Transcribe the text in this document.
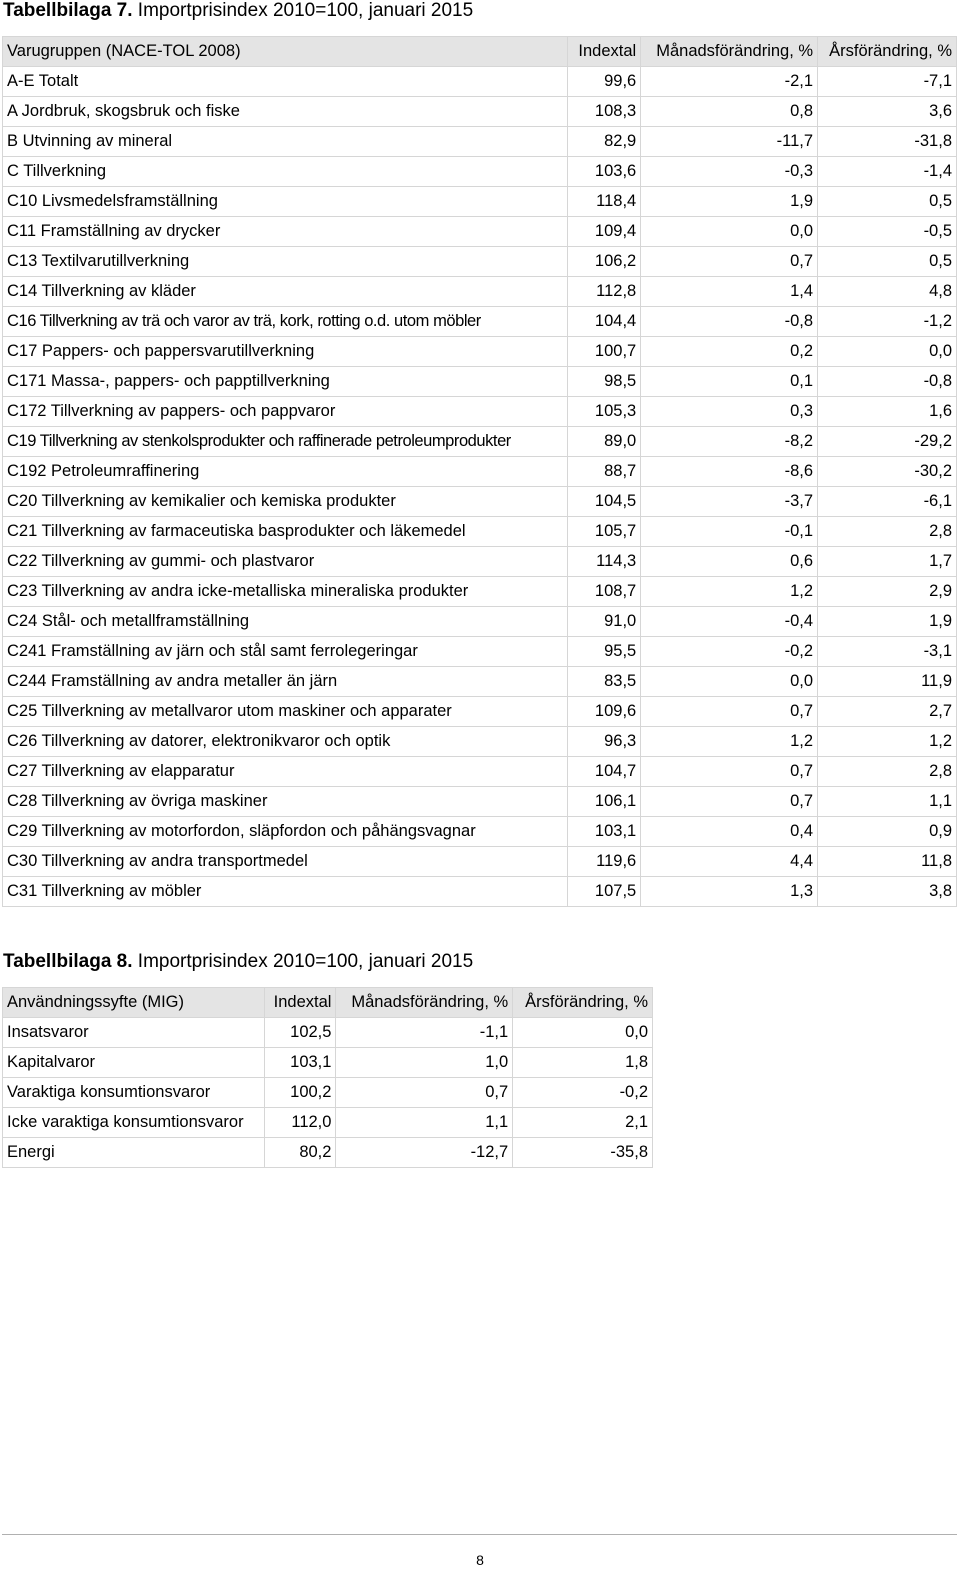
Tabellbilaga 7. Importprisindex 2010=100, januari 2015
Varugruppen (NACE-TOL 2008)	Indextal	Månadsförändring, %	Årsförändring, %
A-E Totalt	99,6	-2,1	-7,1
A Jordbruk, skogsbruk och fiske	108,3	0,8	3,6
B Utvinning av mineral	82,9	-11,7	-31,8
C Tillverkning	103,6	-0,3	-1,4
C10 Livsmedelsframställning	118,4	1,9	0,5
C11 Framställning av drycker	109,4	0,0	-0,5
C13 Textilvarutillverkning	106,2	0,7	0,5
C14 Tillverkning av kläder	112,8	1,4	4,8
C16 Tillverkning av trä och varor av trä, kork, rotting o.d. utom möbler	104,4	-0,8	-1,2
C17 Pappers- och pappersvarutillverkning	100,7	0,2	0,0
C171 Massa-, pappers- och papptillverkning	98,5	0,1	-0,8
C172 Tillverkning av pappers- och pappvaror	105,3	0,3	1,6
C19 Tillverkning av stenkolsprodukter och raffinerade petroleumprodukter	89,0	-8,2	-29,2
C192 Petroleumraffinering	88,7	-8,6	-30,2
C20 Tillverkning av kemikalier och kemiska produkter	104,5	-3,7	-6,1
C21 Tillverkning av farmaceutiska basprodukter och läkemedel	105,7	-0,1	2,8
C22 Tillverkning av gummi- och plastvaror	114,3	0,6	1,7
C23 Tillverkning av andra icke-metalliska mineraliska produkter	108,7	1,2	2,9
C24 Stål- och metallframställning	91,0	-0,4	1,9
C241 Framställning av järn och stål samt ferrolegeringar	95,5	-0,2	-3,1
C244 Framställning av andra metaller än järn	83,5	0,0	11,9
C25 Tillverkning av metallvaror utom maskiner och apparater	109,6	0,7	2,7
C26 Tillverkning av datorer, elektronikvaror och optik	96,3	1,2	1,2
C27 Tillverkning av elapparatur	104,7	0,7	2,8
C28 Tillverkning av övriga maskiner	106,1	0,7	1,1
C29 Tillverkning av motorfordon, släpfordon och påhängsvagnar	103,1	0,4	0,9
C30 Tillverkning av andra transportmedel	119,6	4,4	11,8
C31 Tillverkning av möbler	107,5	1,3	3,8
Tabellbilaga 8. Importprisindex 2010=100, januari 2015
Användningssyfte (MIG)	Indextal	Månadsförändring, %	Årsförändring, %
Insatsvaror	102,5	-1,1	0,0
Kapitalvaror	103,1	1,0	1,8
Varaktiga konsumtionsvaror	100,2	0,7	-0,2
Icke varaktiga konsumtionsvaror	112,0	1,1	2,1
Energi	80,2	-12,7	-35,8
8
